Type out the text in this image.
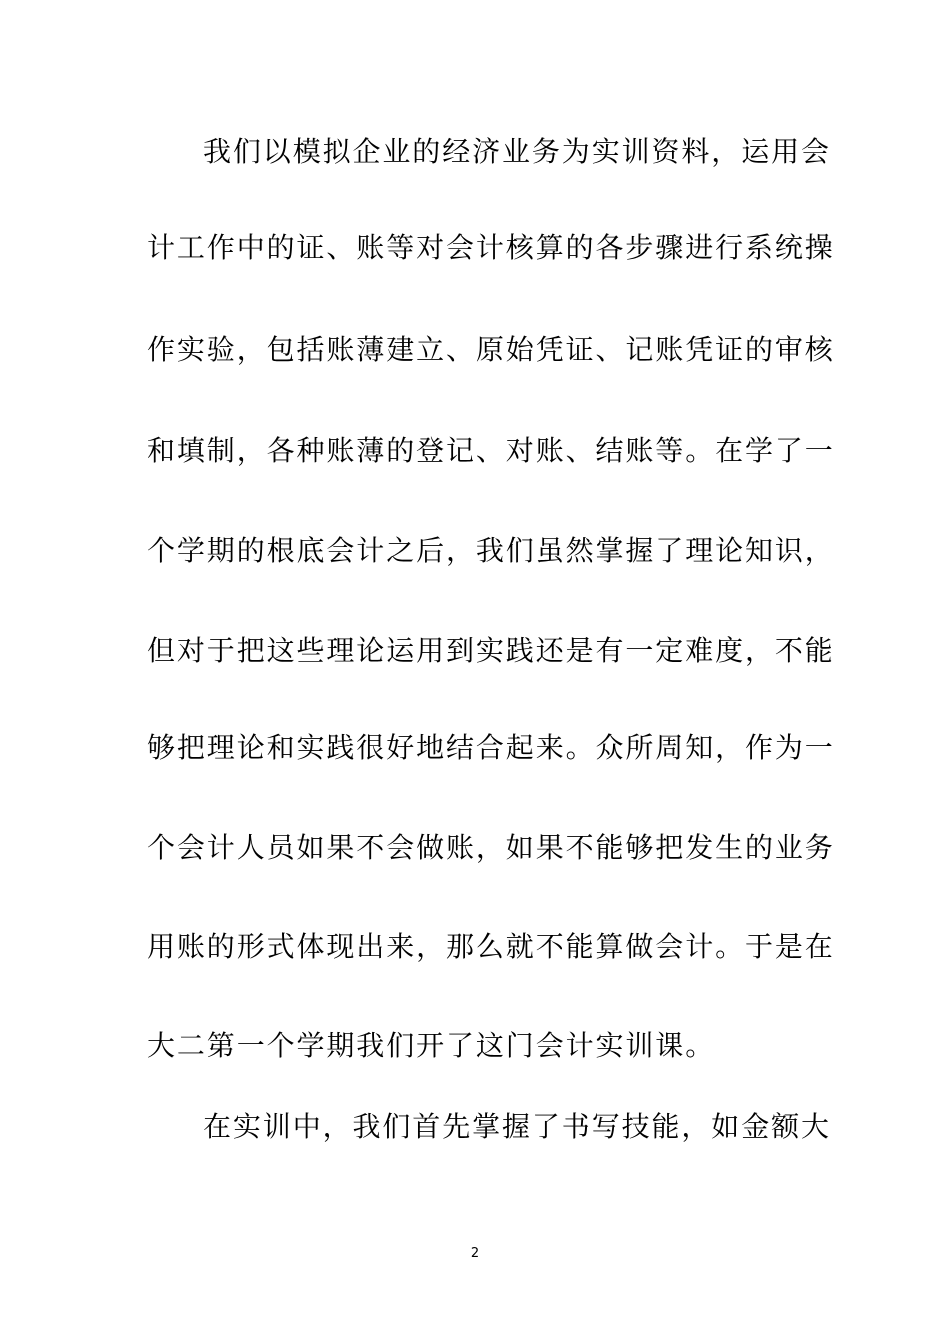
我们以模拟企业的经济业务为实训资料，运用会
计工作中的证、账等对会计核算的各步骤进行系统操
作实验，包括账薄建立、原始凭证、记账凭证的审核
和填制，各种账薄的登记、对账、结账等。在学了一
个学期的根底会计之后，我们虽然掌握了理论知识，
但对于把这些理论运用到实践还是有一定难度，不能
够把理论和实践很好地结合起来。众所周知，作为一
个会计人员如果不会做账，如果不能够把发生的业务
用账的形式体现出来，那么就不能算做会计。于是在
大二第一个学期我们开了这门会计实训课。
在实训中，我们首先掌握了书写技能，如金额大
2
